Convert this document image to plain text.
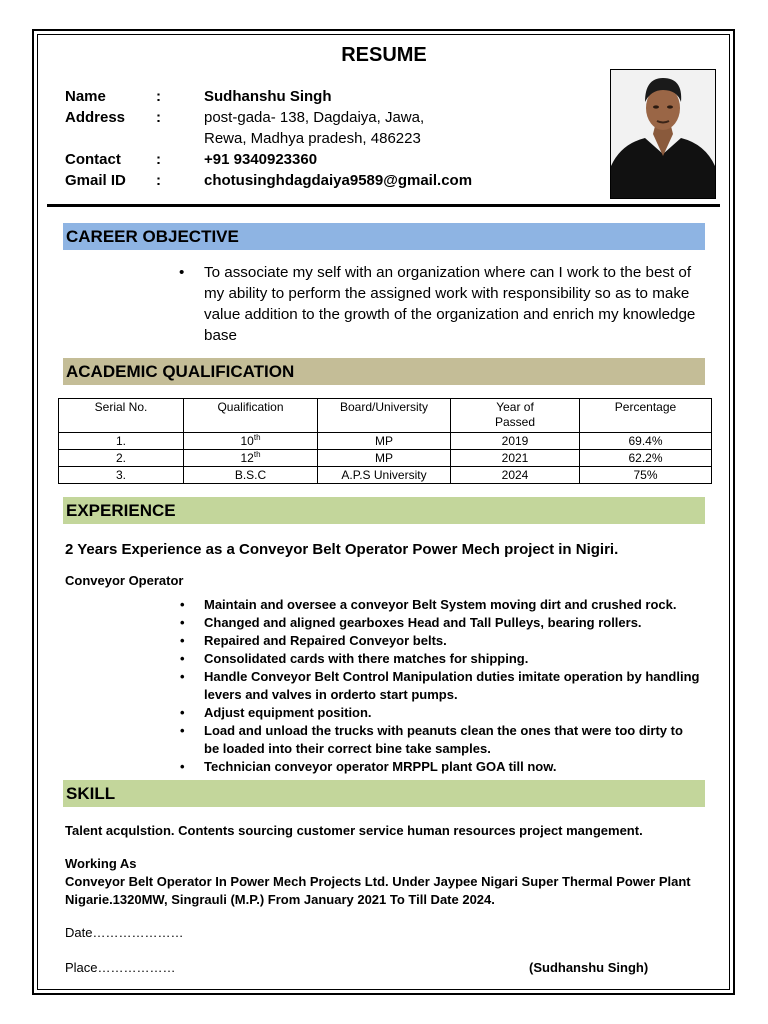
RESUME
Name	:	Sudhanshu Singh
Address :	post-gada- 138, Dagdaiya, Jawa,
Rewa, Madhya pradesh, 486223
Contact :	+91 9340923360
Gmail ID :	chotusinghdagdaiya9589@gmail.com
CAREER OBJECTIVE
• To associate my self with an organization where can I work to the best of my ability to perform the assigned work with responsibility so as to make value addition to the growth of the organization and enrich my knowledge base
ACADEMIC QUALIFICATION
Serial No.	Qualification	Board/University	Year of Passed	Percentage
1.	10th	MP	2019	69.4%
2.	12th	MP	2021	62.2%
3.	B.S.C	A.P.S University	2024	75%
EXPERIENCE
2 Years Experience as a Conveyor Belt Operator Power Mech project in Nigiri.
Conveyor Operator
• Maintain and oversee a conveyor Belt System moving dirt and crushed rock.
• Changed and aligned gearboxes Head and Tall Pulleys, bearing rollers.
• Repaired and Repaired Conveyor belts.
• Consolidated cards with there matches for shipping.
• Handle Conveyor Belt Control Manipulation duties imitate operation by handling levers and valves in orderto start pumps.
• Adjust equipment position.
• Load and unload the trucks with peanuts clean the ones that were too dirty to be loaded into their correct bine take samples.
• Technician conveyor operator MRPPL plant GOA till now.
SKILL
Talent acqulstion. Contents sourcing customer service human resources project mangement.
Working As
Conveyor Belt Operator In Power Mech Projects Ltd. Under Jaypee Nigari Super Thermal Power Plant Nigarie.1320MW, Singrauli (M.P.) From January 2021 To Till Date 2024.
Date…………………
Place………………	(Sudhanshu Singh)
